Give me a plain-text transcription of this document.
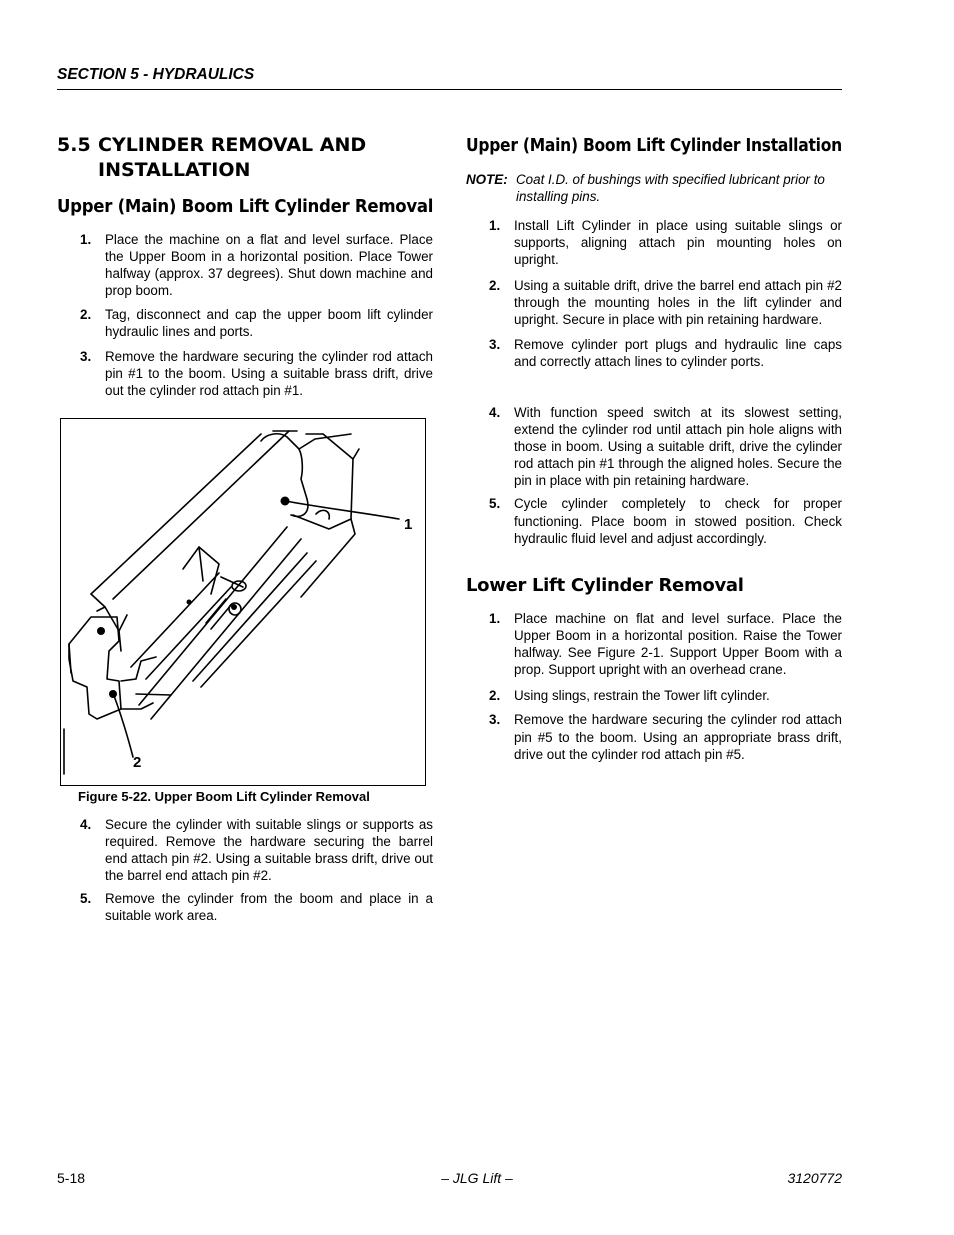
SECTION 5 - HYDRAULICS
5.5 CYLINDER REMOVAL AND
INSTALLATION
Upper (Main) Boom Lift Cylinder Removal
1. Place the machine on a flat and level surface. Place the Upper Boom in a horizontal position. Place Tower halfway (approx. 37 degrees). Shut down machine and prop boom.
2. Tag, disconnect and cap the upper boom lift cylinder hydraulic lines and ports.
3. Remove the hardware securing the cylinder rod attach pin #1 to the boom. Using a suitable brass drift, drive out the cylinder rod attach pin #1.
1
2
Figure 5-22. Upper Boom Lift Cylinder Removal
4. Secure the cylinder with suitable slings or supports as required. Remove the hardware securing the barrel end attach pin #2. Using a suitable brass drift, drive out the barrel end attach pin #2.
5. Remove the cylinder from the boom and place in a suitable work area.
Upper (Main) Boom Lift Cylinder Installation
NOTE: Coat I.D. of bushings with specified lubricant prior to installing pins.
1. Install Lift Cylinder in place using suitable slings or supports, aligning attach pin mounting holes on upright.
2. Using a suitable drift, drive the barrel end attach pin #2 through the mounting holes in the lift cylinder and upright. Secure in place with pin retaining hardware.
3. Remove cylinder port plugs and hydraulic line caps and correctly attach lines to cylinder ports.
4. With function speed switch at its slowest setting, extend the cylinder rod until attach pin hole aligns with those in boom. Using a suitable drift, drive the cylinder rod attach pin #1 through the aligned holes. Secure the pin in place with pin retaining hardware.
5. Cycle cylinder completely to check for proper functioning. Place boom in stowed position. Check hydraulic fluid level and adjust accordingly.
Lower Lift Cylinder Removal
1. Place machine on flat and level surface. Place the Upper Boom in a horizontal position. Raise the Tower halfway. See Figure 2-1. Support Upper Boom with a prop. Support upright with an overhead crane.
2. Using slings, restrain the Tower lift cylinder.
3. Remove the hardware securing the cylinder rod attach pin #5 to the boom. Using an appropriate brass drift, drive out the cylinder rod attach pin #5.
5-18	– JLG Lift –	3120772
